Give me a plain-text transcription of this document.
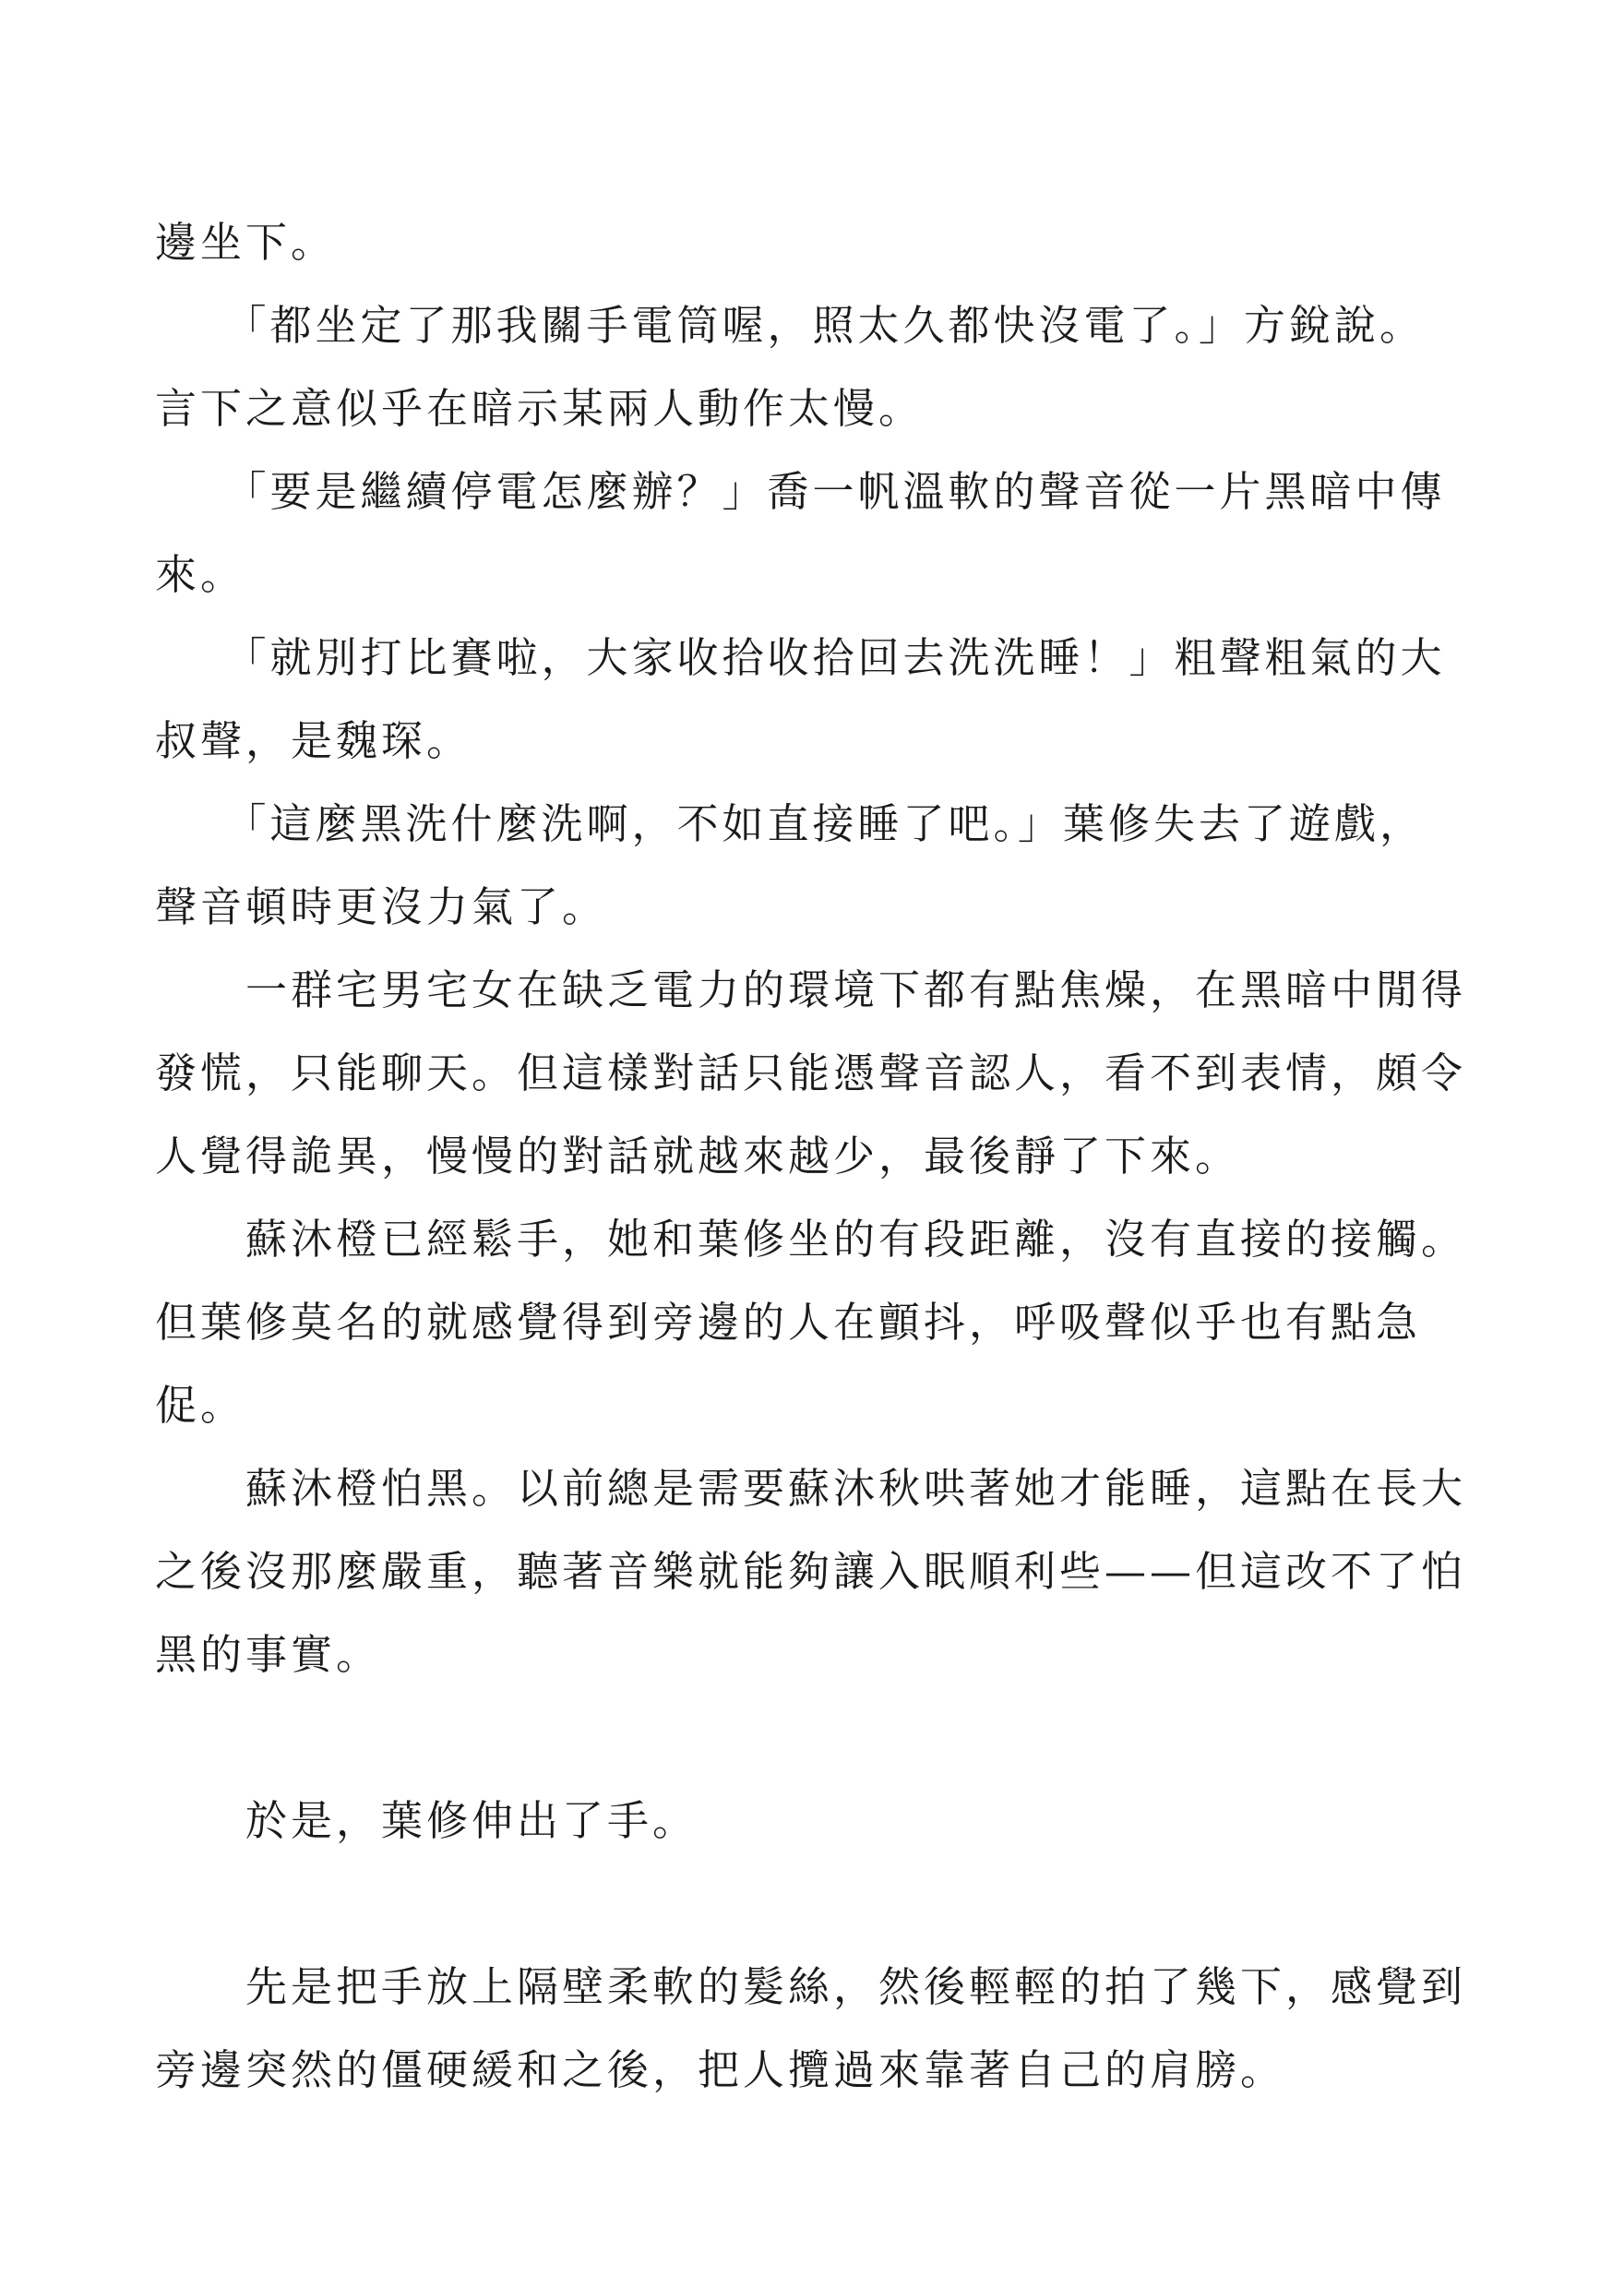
邊坐下。
　　「都坐定了那我關手電筒喔，照太久都快沒電了。」方銳說。
言下之意似乎在暗示某兩人動作太慢。
　　「要是繼續停電怎麼辦？」喬一帆溫軟的聲音從一片黑暗中傳
來。
　　「就別打比賽啦，大家收拾收拾回去洗洗睡！」粗聲粗氣的大
叔聲，是魏琛。
　　「這麼黑洗什麼洗啊，不如直接睡了吧。」葉修失去了遊戲，
聲音頓時更沒力氣了。
　　一群宅男宅女在缺乏電力的環境下都有點焦燥，在黑暗中閒得
發慌，只能聊天。但這樣對話只能憑聲音認人，看不到表情，頗令
人覺得詭異，慢慢的對話就越來越少，最後靜了下來。
　　蘇沐橙已經鬆手，她和葉修坐的有段距離，沒有直接的接觸。
但葉修莫名的就感覺得到旁邊的人在顫抖，呼吸聲似乎也有點急
促。
　　蘇沐橙怕黑。以前總是需要蘇沐秋哄著她才能睡，這點在長大
之後沒那麼嚴重，聽著音樂就能夠讓入眠順利些——但這改不了怕
黑的事實。
　　於是，葉修伸出了手。
　　先是把手放上隔壁柔軟的髮絲，然後輕輕的拍了幾下，感覺到
旁邊突然的僵硬緩和之後，把人攬過來靠著自己的肩膀。
